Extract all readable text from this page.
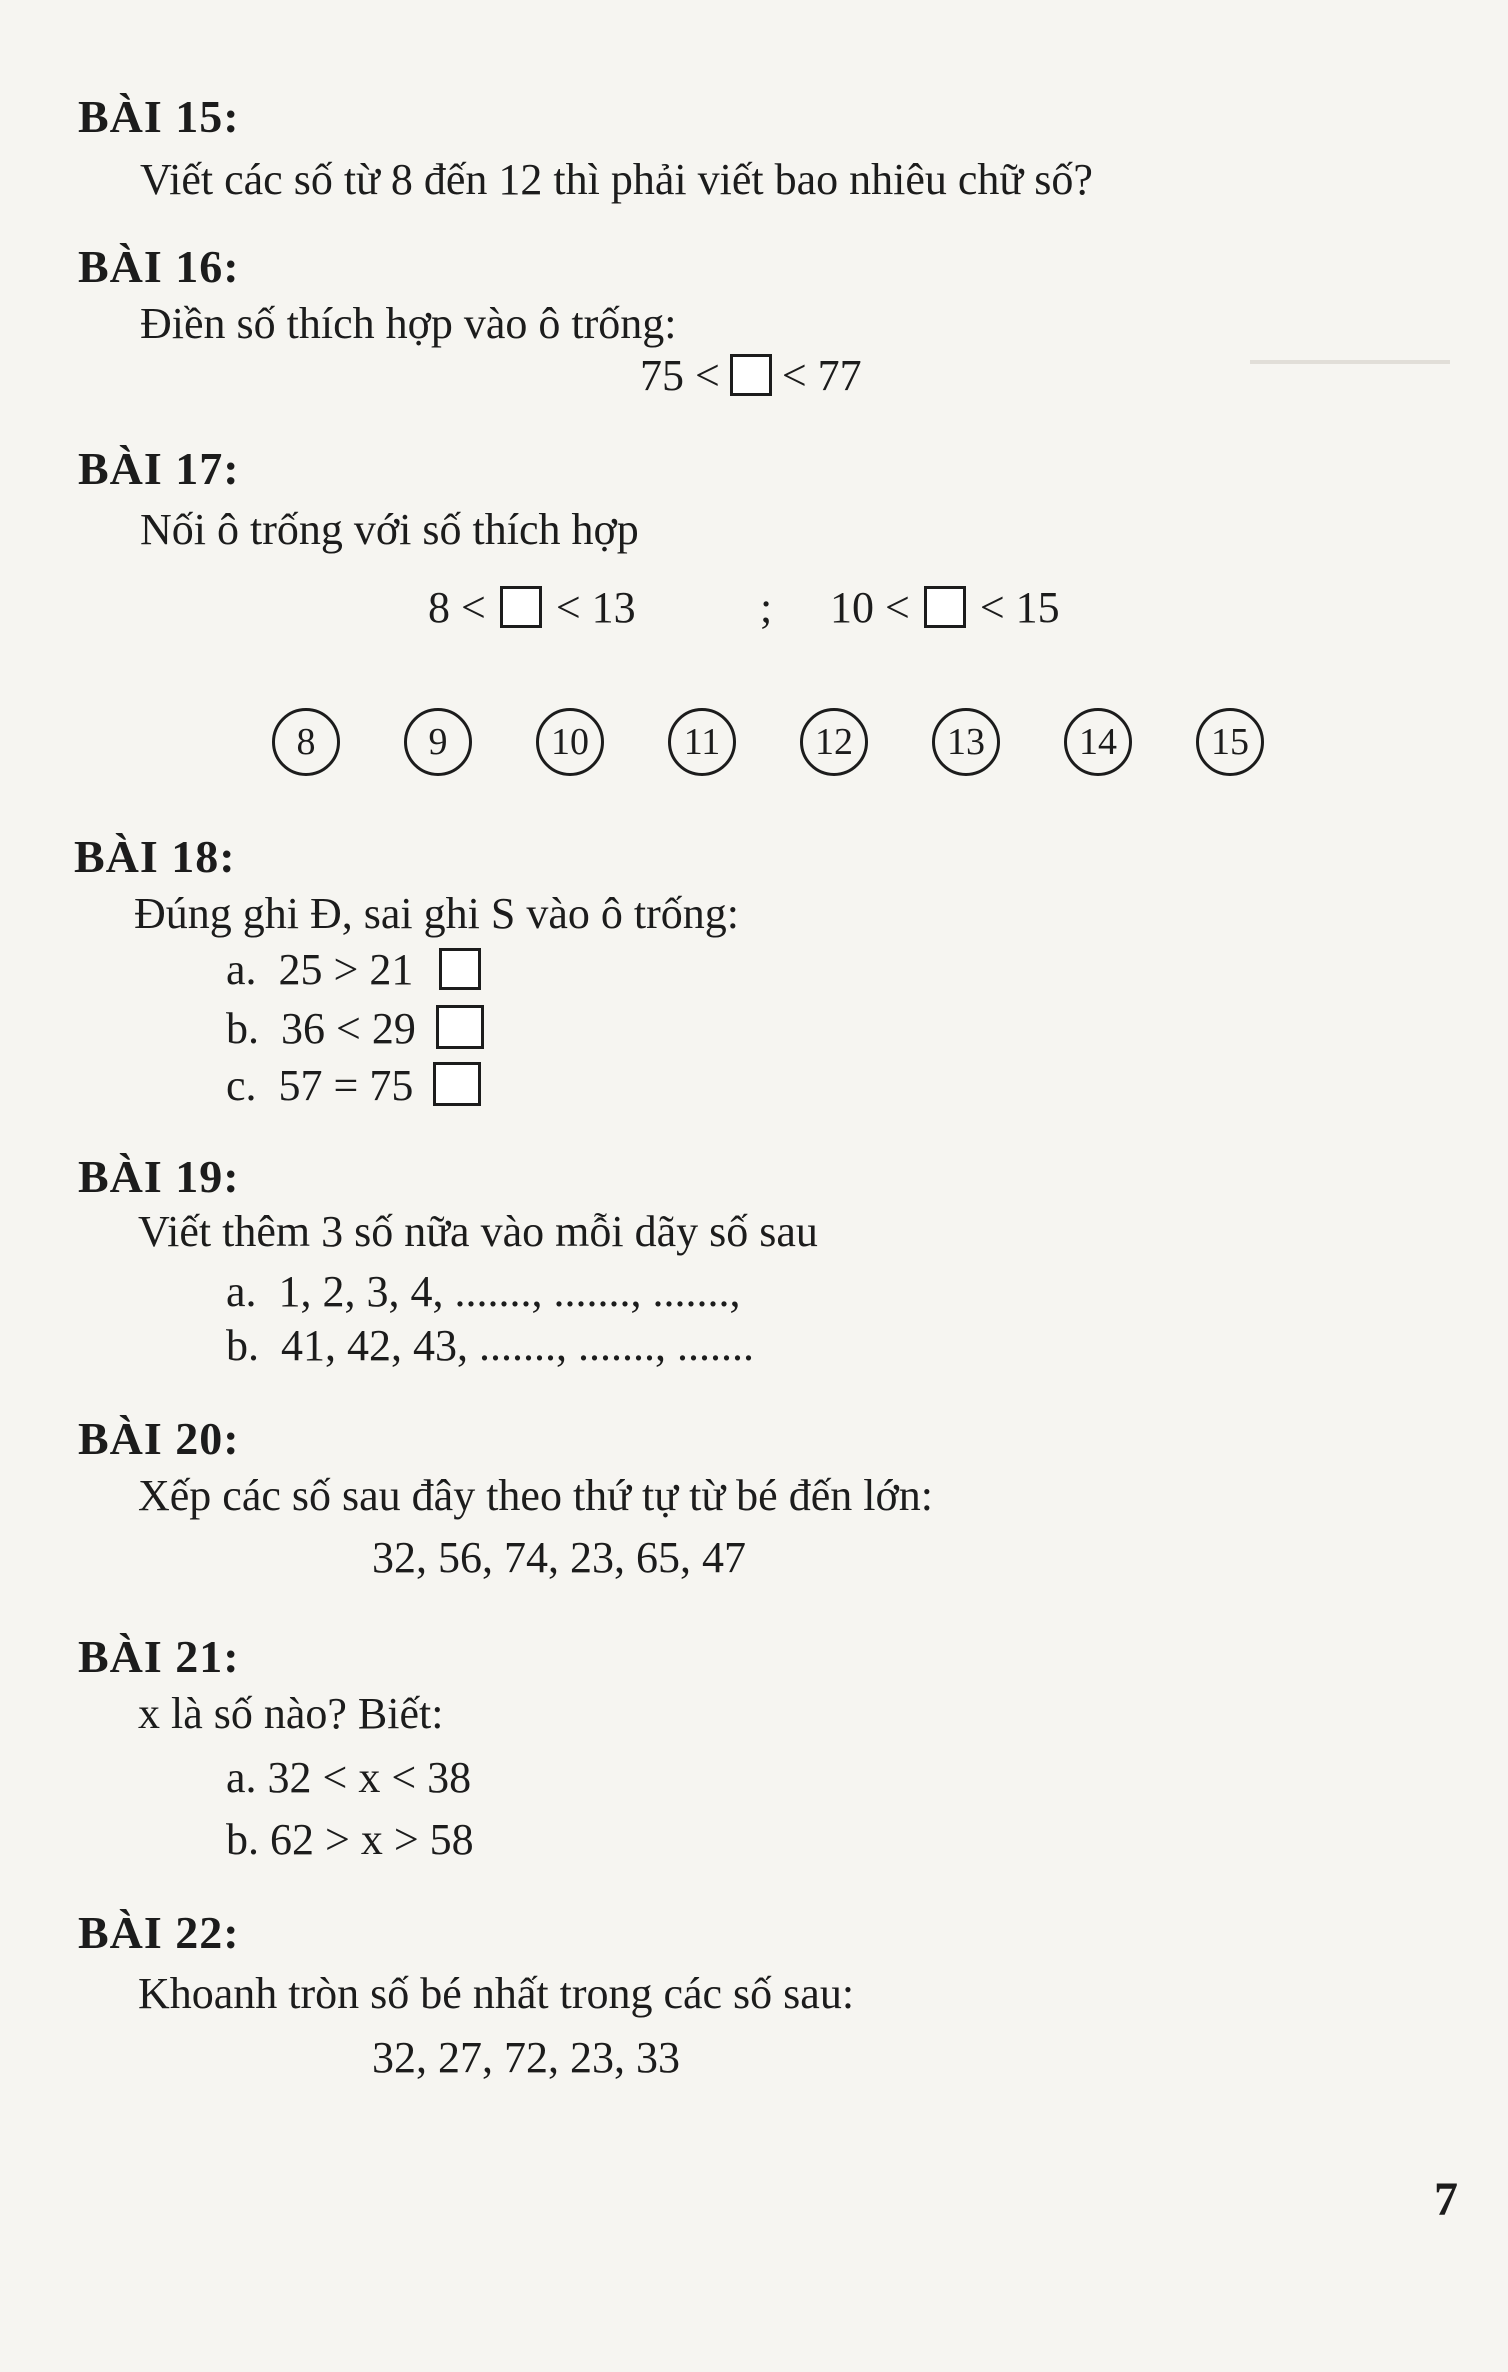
BÀI 15:
Viết các số từ 8 đến 12 thì phải viết bao nhiêu chữ số?
BÀI 16:
Điền số thích hợp vào ô trống:
75 < < 77
BÀI 17:
Nối ô trống với số thích hợp
8 < < 13	; 10 < < 15
8	9	10	11	12	13	14	15
BÀI 18:
Đúng ghi Đ, sai ghi S vào ô trống:
a. 25 > 21
b. 36 < 29
c. 57 = 75
BÀI 19:
Viết thêm 3 số nữa vào mỗi dãy số sau
a. 1, 2, 3, 4, ......., ......., .......,
b. 41, 42, 43, ......., ......., .......
BÀI 20:
Xếp các số sau đây theo thứ tự từ bé đến lớn:
32, 56, 74, 23, 65, 47
BÀI 21:
x là số nào? Biết:
a. 32 < x < 38
b. 62 > x > 58
BÀI 22:
Khoanh tròn số bé nhất trong các số sau:
32, 27, 72, 23, 33
7
